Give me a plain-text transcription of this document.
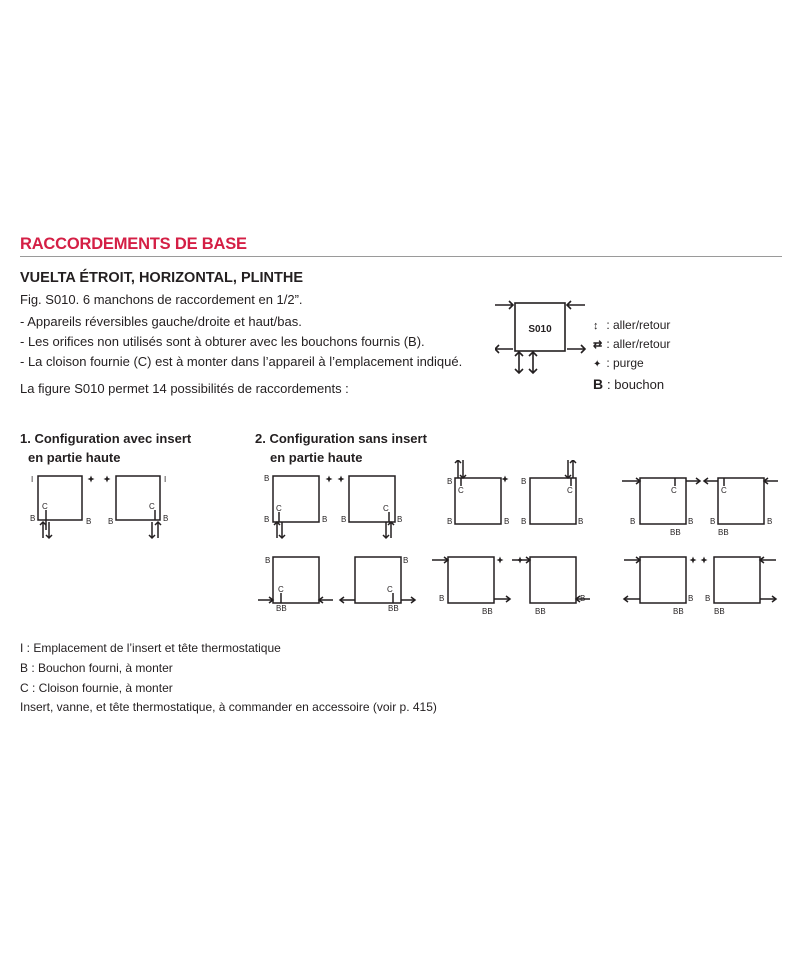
RACCORDEMENTS DE BASE
VUELTA ÉTROIT, HORIZONTAL, PLINTHE
Fig. S010. 6 manchons de raccordement en 1/2”.
- Appareils réversibles gauche/droite et haut/bas.
- Les orifices non utilisés sont à obturer avec les bouchons fournis (B).
- La cloison fournie (C) est à monter dans l’appareil à l’emplacement indiqué.
La figure S010 permet 14 possibilités de raccordements :
S010	↕ : aller/retour
⇄ : aller/retour
✦ : purge
B : bouchon
1. Configuration avec insert
en partie haute
2. Configuration sans insert
en partie haute
I	I
C	C
B	B B	B
B
C
B	B
C
B	B
B
C
B	B
B
C
B	B
C
B	B
BB
C
B	B
BB
B
C
BB
C
B
BB
B
BB
B
BB
B
BB
B
BB
I : Emplacement de l’insert et tête thermostatique
B : Bouchon fourni, à monter
C : Cloison fournie, à monter
Insert, vanne, et tête thermostatique, à commander en accessoire (voir p. 415)
